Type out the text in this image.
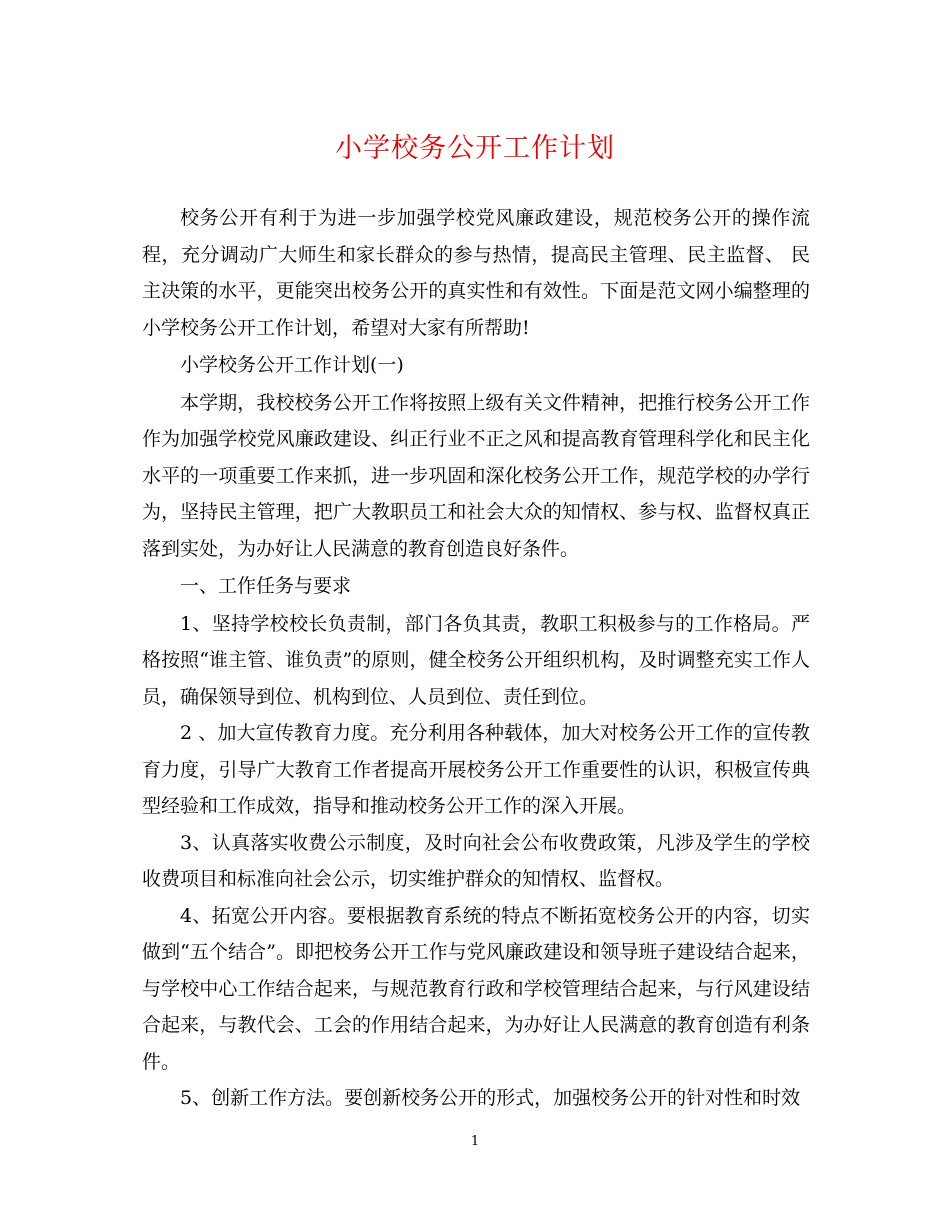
小学校务公开工作计划

校务公开有利于为进一步加强学校党风廉政建设，规范校务公开的操作流程，充分调动广大师生和家长群众的参与热情，提高民主管理、民主监督、 民主决策的水平，更能突出校务公开的真实性和有效性。下面是范文网小编整理的小学校务公开工作计划，希望对大家有所帮助!

小学校务公开工作计划(一)

本学期，我校校务公开工作将按照上级有关文件精神，把推行校务公开工作作为加强学校党风廉政建设、纠正行业不正之风和提高教育管理科学化和民主化水平的一项重要工作来抓，进一步巩固和深化校务公开工作，规范学校的办学行为，坚持民主管理，把广大教职员工和社会大众的知情权、参与权、监督权真正落到实处，为办好让人民满意的教育创造良好条件。

一、工作任务与要求

1、坚持学校校长负责制，部门各负其责，教职工积极参与的工作格局。严格按照“谁主管、谁负责”的原则，健全校务公开组织机构，及时调整充实工作人员，确保领导到位、机构到位、人员到位、责任到位。

2 、加大宣传教育力度。充分利用各种载体，加大对校务公开工作的宣传教育力度，引导广大教育工作者提高开展校务公开工作重要性的认识，积极宣传典型经验和工作成效，指导和推动校务公开工作的深入开展。

3、认真落实收费公示制度，及时向社会公布收费政策，凡涉及学生的学校收费项目和标准向社会公示，切实维护群众的知情权、监督权。

4、拓宽公开内容。要根据教育系统的特点不断拓宽校务公开的内容，切实做到“五个结合”。即把校务公开工作与党风廉政建设和领导班子建设结合起来，与学校中心工作结合起来，与规范教育行政和学校管理结合起来，与行风建设结合起来，与教代会、工会的作用结合起来，为办好让人民满意的教育创造有利条件。

5、创新工作方法。要创新校务公开的形式，加强校务公开的针对性和时效

1
